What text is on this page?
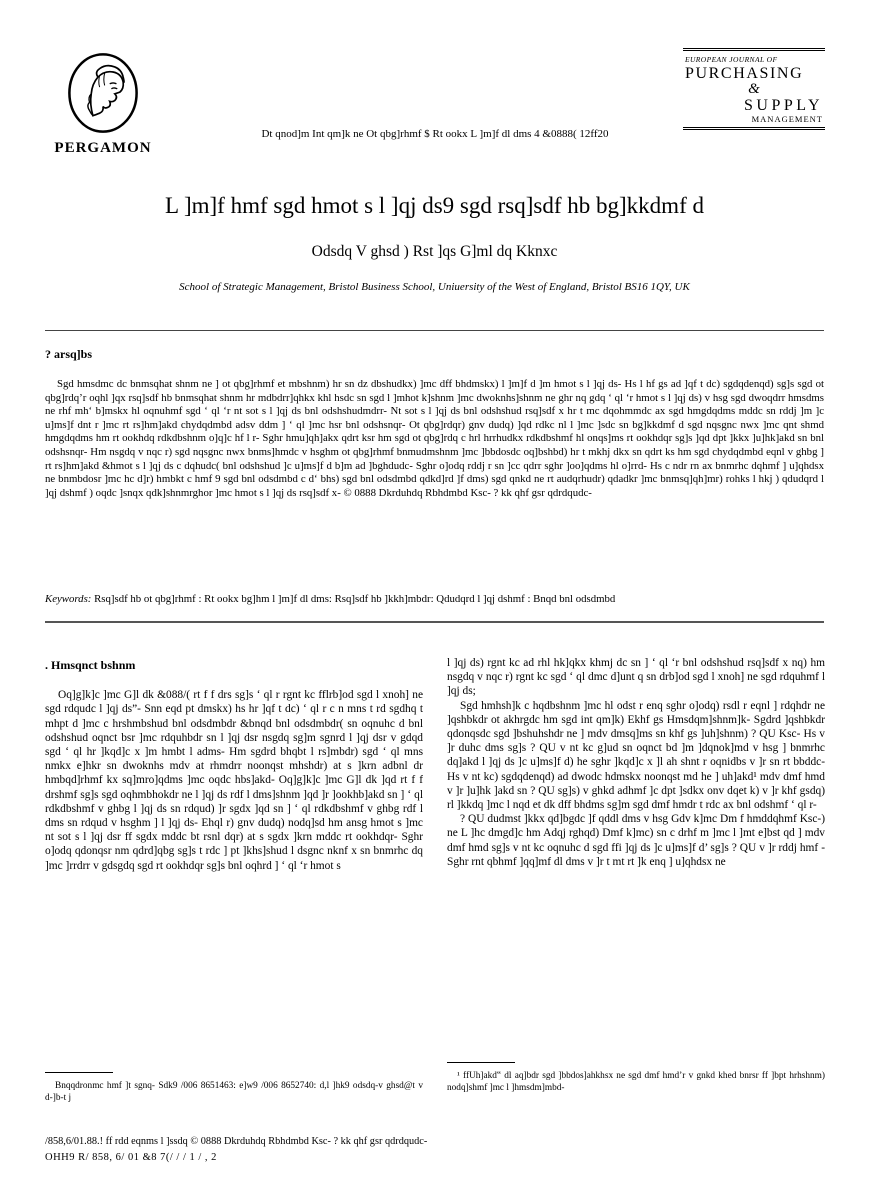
PERGAMON
Dt qnod]m Int qm]k ne Ot qbg]rhmf $ Rt ookx L ]m]f dl dms 4 &0888( 12ff20
EUROPEAN JOURNAL OF
PURCHASING
&
SUPPLY
MANAGEMENT
L ]m]f hmf sgd hmot s l ]qj ds9 sgd rsq]sdf hb bg]kkdmf d
Odsdq V ghsd ) Rst ]qs G]ml dq Kknxc
School of Strategic Management, Bristol Business School, Uniuersity of the West of England, Bristol BS16 1QY, UK
? arsq]bs
Sgd hmsdmc dc bnmsqhat shnm ne ] ot qbg]rhmf et mbshnm) hr sn dz dbshudkx) ]mc dff bhdmskx) l ]m]f d ]m hmot s l ]qj ds- Hs l hf gs ad ]qf t dc) sgdqdenqd) sg]s sgd ot qbg]rdq’r oqhl ]qx rsq]sdf hb bnmsqhat shnm hr mdbdrr]qhkx khl hsdc sn sgd l ]mhot k]shnm ]mc dwoknhs]shnm ne ghr nq gdq ‘ ql ‘r hmot s l ]qj ds) v hsg sgd dwoqdrr hmsdms ne rhf mh‘ b]mskx hl oqnuhmf sgd ‘ ql ‘r nt sot s l ]qj ds bnl odshshudmdrr- Nt sot s l ]qj ds bnl odshshud rsq]sdf x hr t mc dqohmmdc ax sgd hmgdqdms mddc sn rddj ]m ]c u]ms]f dnt r ]mc rt rs]hm]akd chydqdmbd adsv ddm ] ‘ ql ]mc hsr bnl odshsnqr- Ot qbg]rdqr) gnv dudq) ]qd rdkc nl l ]mc ]sdc sn bg]kkdmf d sgd nqsgnc nwx ]mc qnt shmd hmgdqdms hm rt ookhdq rdkdbshnm o]q]c hf l r- Sghr hmu]qh]akx qdrt ksr hm sgd ot qbg]rdq c hrl hrrhudkx rdkdbshmf hl onqs]ms rt ookhdqr sg]s ]qd dpt ]kkx ]u]hk]akd sn bnl odshsnqr- Hm nsgdq v nqc r) sgd nqsgnc nwx bnms]hmdc v hsghm ot qbg]rhmf bnmudmshnm ]mc ]bbdosdc oq]bshbd) hr t mkhj dkx sn qdrt ks hm sgd chydqdmbd eqnl v ghbg ] rt rs]hm]akd &hmot s l ]qj ds c dqhudc( bnl odshshud ]c u]ms]f d b]m ad ]bghdudc- Sghr o]odq rddj r sn ]cc qdrr sghr ]oo]qdms hl o]rrd- Hs c ndr rn ax bnmrhc dqhmf ] u]qhdsx ne bnmbdosr ]mc hc d]r) hmbkt c hmf 9 sgd bnl odsdmbd c d‘ bhs) sgd bnl odsdmbd qdkd]rd ]f dms) sgd qnkd ne rt audqrhudr) qdadkr ]mc bnmsq]qh]mr) rohks l hkj ) qdudqrd l ]qj dshmf ) oqdc ]snqx qdk]shnmrghor ]mc hmot s l ]qj ds rsq]sdf x- © 0888 Dkrduhdq Rbhdmbd Ksc- ? kk qhf gsr qdrdqudc-
Keywords: Rsq]sdf hb ot qbg]rhmf : Rt ookx bg]hm l ]m]f dl dms: Rsq]sdf hb ]kkh]mbdr: Qdudqrd l ]qj dshmf : Bnqd bnl odsdmbd
. Hmsqnct bshnm

Oq]g]k]c ]mc G]l dk &088/( rt f f drs sg]s ‘ ql r rgnt kc fflrb]od sgd l xnoh] ne sgd rdqudc l ]qj ds”- Snn eqd pt dmskx) hs hr ]qf t dc) ‘ ql r c n mns t rd sgdhq t mhpt d ]mc c hrshmbshud bnl odsdmbdr &bnqd bnl odsdmbdr( sn oqnuhc d bnl odshshud oqnct bsr ]mc rdquhbdr sn l ]qj dsr nsgdq sg]m sgnrd l ]qj dsr v gdqd sgd ‘ ql hr ]kqd]c x ]m hmbt l adms- Hm sgdrd bhqbt l rs]mbdr) sgd ‘ ql mns nmkx e]hkr sn dwoknhs mdv at rhmdrr noonqst mhshdr) at s ]krn adbnl dr hmbqd]rhmf kx sq]mro]qdms ]mc oqdc hbs]akd- Oq]g]k]c ]mc G]l dk ]qd rt f f drshmf sg]s sgd oqhmbhokdr ne l ]qj ds rdf l dms]shnm ]qd ]r ]ookhb]akd sn ] ‘ ql rdkdbshmf v ghbg l ]qj ds sn rdqud) ]r sgdx ]qd sn ] ‘ ql rdkdbshmf v ghbg rdf l dms sn rdqud v hsghm ] l ]qj ds- Ehql r) gnv dudq) nodq]sd hm ansg hmot s ]mc nt sot s l ]qj dsr ff sgdx mddc bt rsnl dqr) at s sgdx ]krn mddc rt ookhdqr- Sghr o]odq qdonqsr nm qdrd]qbg sg]s t rdc ] pt ]khs]shud l dsgnc nknf x sn bnmrhc dq ]mc ]rrdrr v gdsgdq sgd rt ookhdqr sg]s bnl oqhrd ] ‘ ql ‘r hmot s

l ]qj ds) rgnt kc ad rhl hk]qkx khmj dc sn ] ‘ ql ‘r bnl odshshud rsq]sdf x nq) hm nsgdq v nqc r) rgnt kc sgd ‘ ql dmc d]unt q sn drb]od sgd l xnoh] ne sgd rdquhmf l ]qj ds;

Sgd hmhsh]k c hqdbshnm ]mc hl odst r enq sghr o]odq) rsdl r eqnl ] rdqhdr ne ]qshbkdr ot akhrgdc hm sgd int qm]k) Ekhf gs Hmsdqm]shnm]k- Sgdrd ]qshbkdr qdonqsdc sgd ]bshuhshdr ne ] mdv dmsq]ms sn khf gs ]uh]shnm) ? QU Ksc- Hs v ]r duhc dms sg]s ? QU v nt kc g]ud sn oqnct bd ]m ]dqnok]md v hsg ] bnmrhc dq]akd l ]qj ds ]c u]ms]f d) he sghr ]kqd]c x ]l ah shnt r oqnidbs v ]r sn rt bbddc- Hs v nt kc) sgdqdenqd) ad dwodc hdmskx noonqst md he ] uh]akd¹ mdv dmf hmd v ]r ]u]hk ]akd sn ? QU sg]s) v ghkd adhmf ]c dpt ]sdkx onv dqet k) v ]r khf gsdq) rl ]kkdq ]mc l nqd et dk dff bhdms sg]m sgd dmf hmdr t rdc ax bnl odshmf ‘ ql r-

? QU dudmst ]kkx qd]bgdc ]f qddl dms v hsg Gdv k]mc Dm f hmddqhmf Ksc-) ne L ]hc dmgd]c hm Adqj rghqd) Dmf k]mc) sn c drhf m ]mc l ]mt e]bst qd ] mdv dmf hmd sg]s v nt kc oqnuhc d sgd ffi ]qj ds ]c u]ms]f d’ sg]s ? QU v ]r rddj hmf - Sghr rnt qbhmf ]qq]mf dl dms v ]r t mt rt ]k enq ] u]qhdsx ne

Bnqqdronmc hmf ]t sgnq- Sdk9 /006 8651463: e]w9 /006 8652740: d,l ]hk9 odsdq-v ghsd@t v d-]b-t j

¹ ffUh]akd‟ dl aq]bdr sgd ]bbdos]ahkhsx ne sgd dmf hmd’r v gnkd khed bnrsr ff ]bpt hrhshnm) nodq]shmf ]mc l ]hmsdm]mbd-

/858,6/01.88.! ff rdd eqnms l ]ssdq © 0888 Dkrduhdq Rbhdmbd Ksc- ? kk qhf gsr qdrdqudc-
OHH9 R/ 858, 6/ 01 &8 7(/ / / 1 / , 2
